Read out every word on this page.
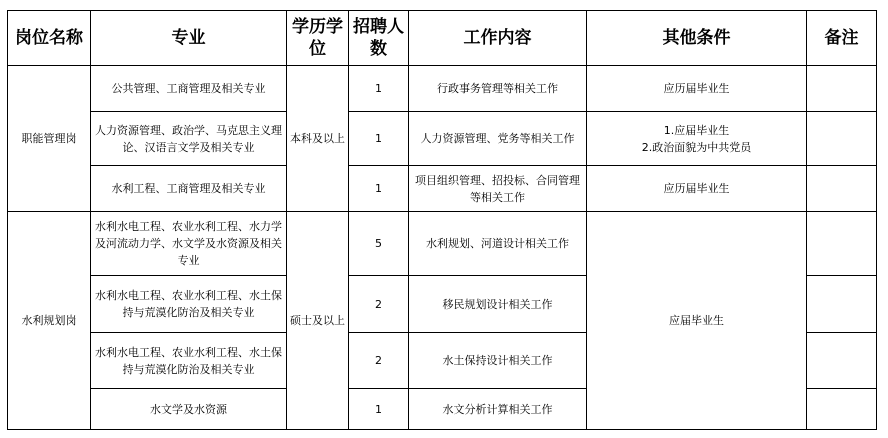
岗位名称	专业	学历学位	招聘人数	工作内容	其他条件	备注
职能管理岗	公共管理、工商管理及相关专业	本科及以上	1	行政事务管理等相关工作	应历届毕业生	
	人力资源管理、政治学、马克思主义理论、汉语言文学及相关专业		1	人力资源管理、党务等相关工作	1.应届毕业生
2.政治面貌为中共党员	

	水利工程、工商管理及相关专业		1	项目组织管理、招投标、合同管理等相关工作	应历届毕业生	
水利规划岗	水利水电工程、农业水利工程、水力学及河流动力学、水文学及水资源及相关专业	硕士及以上	5	水利规划、河道设计相关工作	应届毕业生	
	水利水电工程、农业水利工程、水土保持与荒漠化防治及相关专业		2	移民规划设计相关工作		
	水利水电工程、农业水利工程、水土保持与荒漠化防治及相关专业		2	水土保持设计相关工作		
	水文学及水资源		1	水文分析计算相关工作		
